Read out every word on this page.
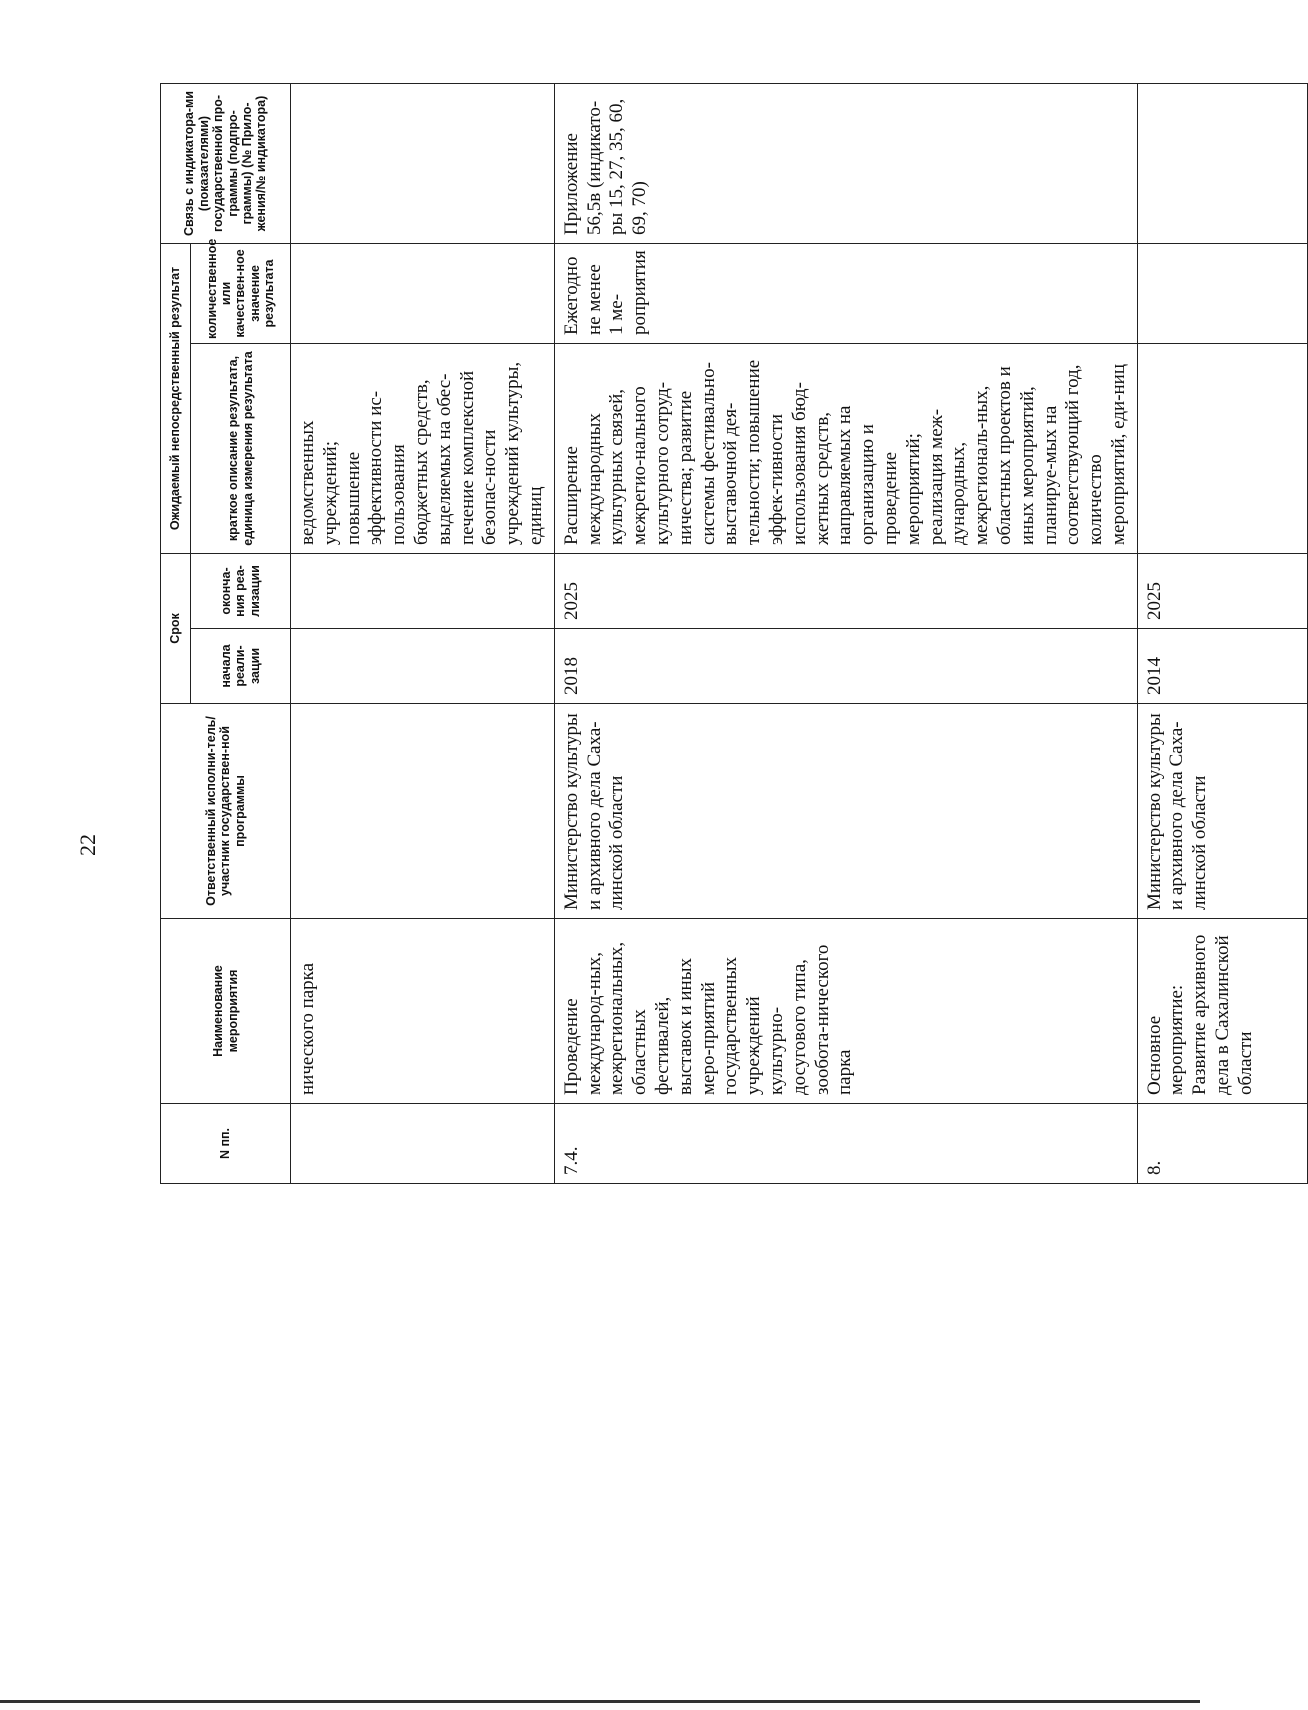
22
N пп.	Наименование мероприятия	Ответственный исполни-тель/участник государствен-ной программы	Срок		Ожидаемый непосредственный результат		Связь с индикатора-ми (показателями) государственной про-граммы (подпро-граммы) (№ Прило-жения/№ индикатора)
			начала реали-зации	оконча-ния реа-лизации	краткое описание результата, единица измерения результата	количественное или качествен-ное значение результата	
	нического парка				ведомственных учреждений; повышение эффективности ис-пользования бюджетных средств, выделяемых на обес-печение комплексной безопас-ности учреждений культуры, единиц		
7.4.	Проведение международ-ных, межрегиональных, областных фестивалей, выставок и иных меро-приятий государственных учреждений культурно-досугового типа, зообота-нического парка	Министерство культуры и архивного дела Саха-линской области	2018	2025	Расширение международных культурных связей, межрегио-нального культурного сотруд-ничества; развитие системы фестивально-выставочной дея-тельности; повышение эффек-тивности использования бюд-жетных средств, направляемых на организацию и проведение мероприятий; реализация меж-дународных, межрегиональ-ных, областных проектов и иных мероприятий, планируе-мых на соответствующий год, количество мероприятий, еди-ниц	Ежегодно не менее 1 ме-роприятия	Приложение 56,5в (индикато-ры 15, 27, 35, 60, 69, 70)
8.	Основное мероприятие: Развитие архивного дела в Сахалинской области	Министерство культуры и архивного дела Саха-линской области	2014	2025			
